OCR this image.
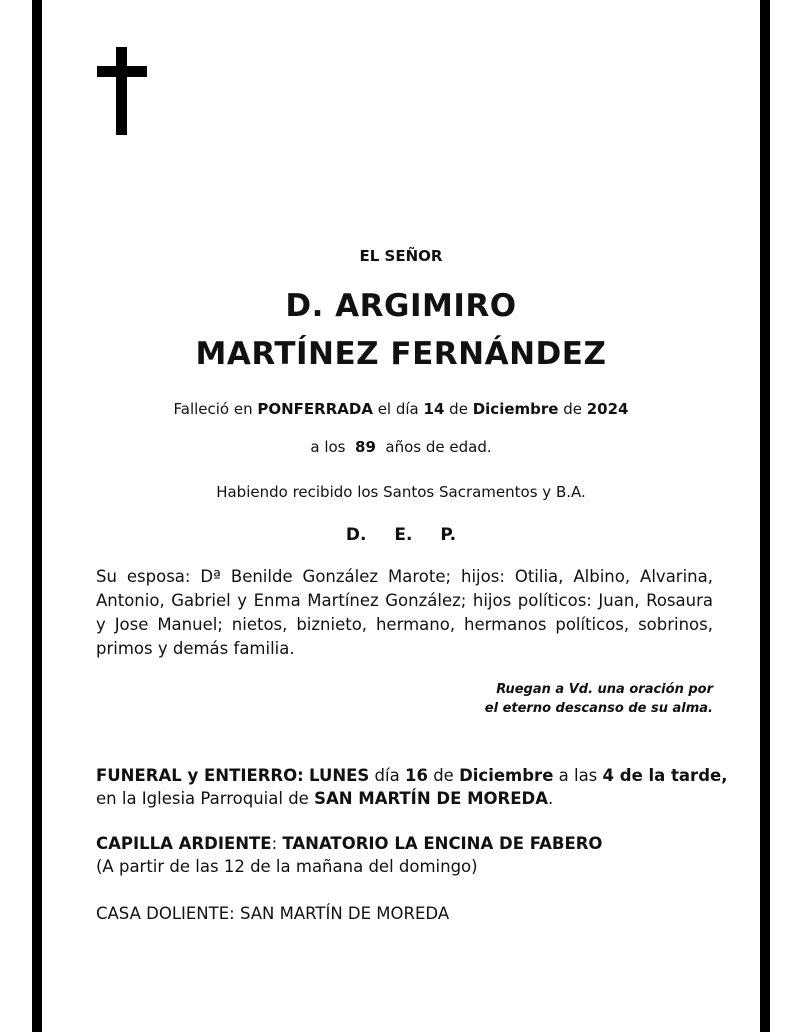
EL SEÑOR
D. ARGIMIRO
MARTÍNEZ FERNÁNDEZ
Falleció en PONFERRADA el día 14 de Diciembre de 2024
a los  89  años de edad.
Habiendo recibido los Santos Sacramentos y B.A.
D. E. P.
Su esposa: Dª Benilde González Marote; hijos: Otilia, Albino, Alvarina, Antonio, Gabriel y Enma Martínez González; hijos políticos: Juan, Rosaura y Jose Manuel; nietos, biznieto, hermano, hermanos políticos, sobrinos, primos y demás familia.
Ruegan a Vd. una oración por
el eterno descanso de su alma.
FUNERAL y ENTIERRO: LUNES día 16 de Diciembre a las 4 de la tarde,
en la Iglesia Parroquial de SAN MARTÍN DE MOREDA.
CAPILLA ARDIENTE: TANATORIO LA ENCINA DE FABERO
(A partir de las 12 de la mañana del domingo)
CASA DOLIENTE: SAN MARTÍN DE MOREDA
